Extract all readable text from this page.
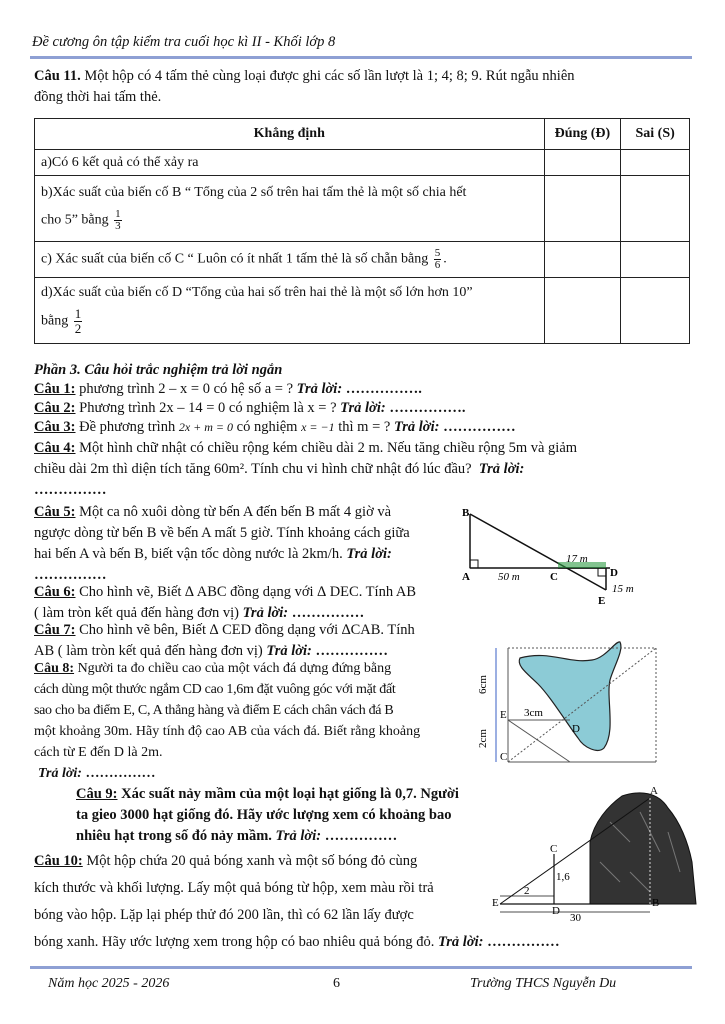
Đề cương ôn tập kiểm tra cuối học kì II - Khối lớp 8
Câu 11. Một hộp có 4 tấm thẻ cùng loại được ghi các số lần lượt là 1; 4; 8; 9. Rút ngẫu nhiên
đồng thời hai tấm thẻ.
Khẳng định	Đúng (Đ)	Sai (S)
a)Có 6 kết quả có thể xảy ra		

b)Xác suất của biến cố B “ Tổng của 2 số trên hai tấm thẻ là một số chia hết
cho 5” bằng $\frac{1}{3}$

c) Xác suất của biến cố C “ Luôn có ít nhất 1 tấm thẻ là số chẵn bằng $\frac{5}{6}$ .		

d)Xác suất của biến cố D “Tổng của hai số trên hai thẻ là một số lớn hơn 10”
bằng $\frac{1}{2}$

Phần 3. Câu hỏi trắc nghiệm trả lời ngắn
Câu 1: phương trình 2 – x = 0 có hệ số a = ? Trả lời: …………….
Câu 2: Phương trình 2x – 14 = 0 có nghiệm là x = ? Trả lời: …………….
Câu 3: Đề phương trình 2x + m = 0 có nghiệm x = −1 thì m = ? Trả lời: ……………
Câu 4: Một hình chữ nhật có chiều rộng kém chiều dài 2 m. Nếu tăng chiều rộng 5m và giảm
chiều dài 2m thì diện tích tăng 60m². Tính chu vi hình chữ nhật đó lúc đầu? Trả lời:
……………
Câu 5: Một ca nô xuôi dòng từ bến A đến bến B mất 4 giờ và
ngược dòng từ bến B về bến A mất 5 giờ. Tính khoảng cách giữa
hai bến A và bến B, biết vận tốc dòng nước là 2km/h. Trả lời:
……………
Câu 6: Cho hình vẽ, Biết ∆ ABC đồng dạng với ∆ DEC. Tính AB
( làm tròn kết quả đến hàng đơn vị) Trả lời: ……………
Câu 7: Cho hình vẽ bên, Biết ∆ CED đồng dạng với ∆CAB. Tính
AB ( làm tròn kết quả đến hàng đơn vị) Trả lời: ……………
Câu 8: Người ta đo chiều cao của một vách đá dựng đứng bằng
cách dùng một thước ngắm CD cao 1,6m đặt vuông góc với mặt đất
sao cho ba điểm E, C, A thẳng hàng và điểm E cách chân vách đá B
một khoảng 30m. Hãy tính độ cao AB của vách đá. Biết rằng khoảng
cách từ E đến D là 2m.
Trả lời: ……………
Câu 9: Xác suất nảy mầm của một loại hạt giống là 0,7. Người
ta gieo 3000 hạt giống đó. Hãy ước lượng xem có khoảng bao
nhiêu hạt trong số đó nảy mầm. Trả lời: ……………
Câu 10: Một hộp chứa 20 quả bóng xanh và một số bóng đỏ cùng
kích thước và khối lượng. Lấy một quả bóng từ hộp, xem màu rồi trả
bóng vào hộp. Lặp lại phép thử đó 200 lần, thì có 62 lần lấy được
bóng xanh. Hãy ước lượng xem trong hộp có bao nhiêu quả bóng đỏ. Trả lời: ……………
B
A	C	D
E
50 m
17 m
15 m
6cm
2cm
3cm
E
C
D
A
C
E
D
B
1,6
2
30
Năm học 2025 - 2026	6	Trường THCS Nguyễn Du
